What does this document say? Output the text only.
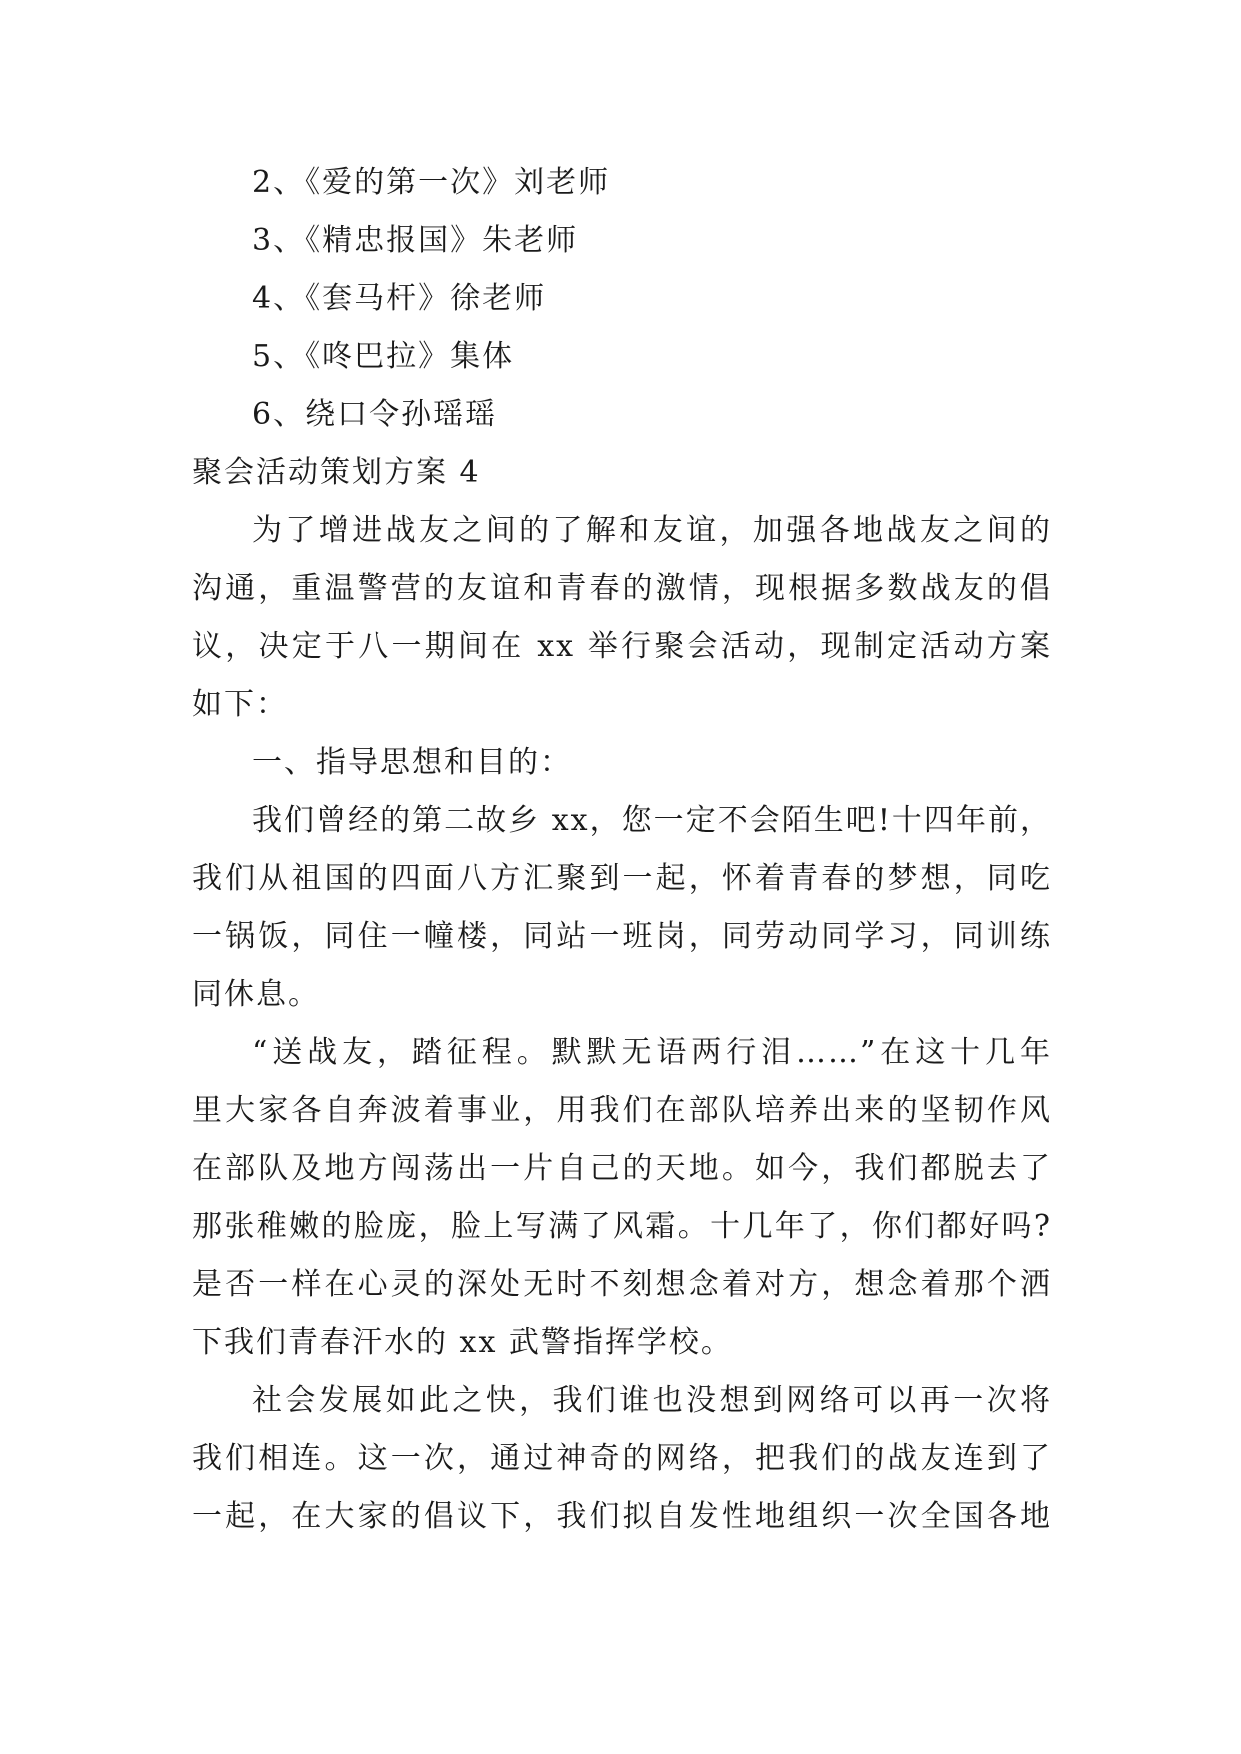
2、《爱的第一次》刘老师
3、《精忠报国》朱老师
4、《套马杆》徐老师
5、《咚巴拉》集体
6、绕口令孙瑶瑶
聚会活动策划方案 4

为了增进战友之间的了解和友谊，加强各地战友之间的
沟通，重温警营的友谊和青春的激情，现根据多数战友的倡
议，决定于八一期间在 xx 举行聚会活动，现制定活动方案
如下：

一、指导思想和目的：

我们曾经的第二故乡 xx，您一定不会陌生吧!十四年前，
我们从祖国的四面八方汇聚到一起，怀着青春的梦想，同吃
一锅饭，同住一幢楼，同站一班岗，同劳动同学习，同训练
同休息。

“送战友，踏征程。默默无语两行泪……”在这十几年
里大家各自奔波着事业，用我们在部队培养出来的坚韧作风
在部队及地方闯荡出一片自己的天地。如今，我们都脱去了
那张稚嫩的脸庞，脸上写满了风霜。十几年了，你们都好吗?
是否一样在心灵的深处无时不刻想念着对方，想念着那个洒
下我们青春汗水的 xx 武警指挥学校。

社会发展如此之快，我们谁也没想到网络可以再一次将
我们相连。这一次，通过神奇的网络，把我们的战友连到了
一起，在大家的倡议下，我们拟自发性地组织一次全国各地
